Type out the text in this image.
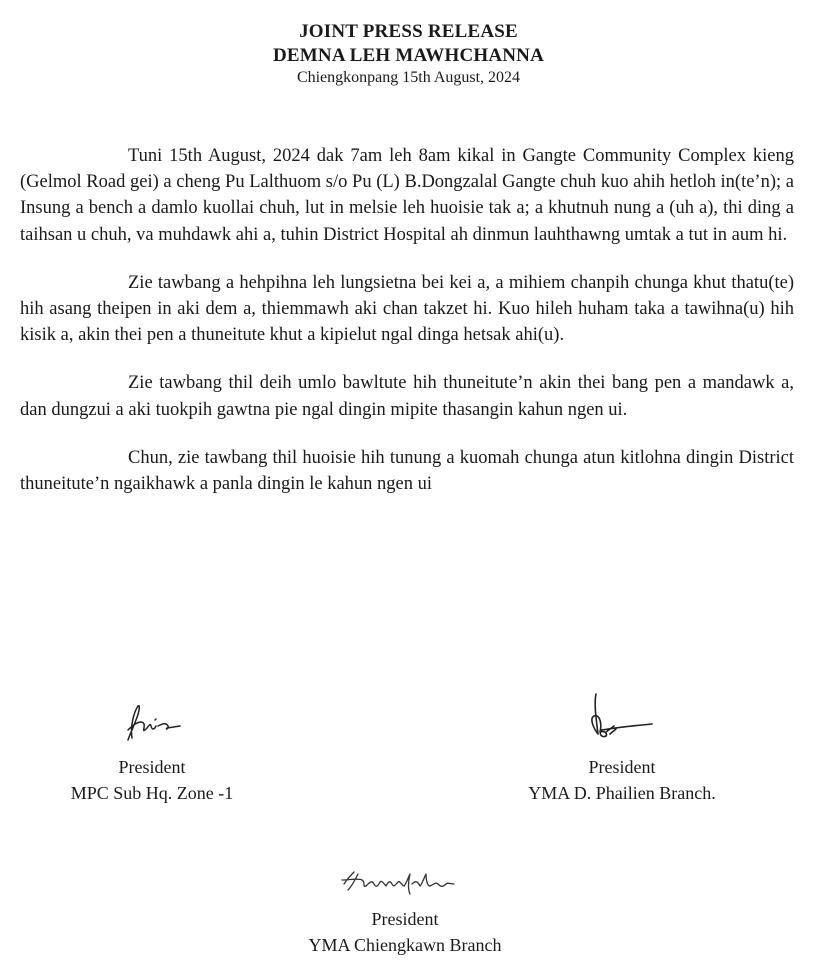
JOINT PRESS RELEASE
DEMNA LEH MAWHCHANNA
Chiengkonpang 15th August, 2024

Tuni 15th August, 2024 dak 7am leh 8am kikal in Gangte Community Complex kieng (Gelmol Road gei) a cheng Pu Lalthuom s/o Pu (L) B.Dongzalal Gangte chuh kuo ahih hetloh in(te’n); a Insung a bench a damlo kuollai chuh, lut in melsie leh huoisie tak a; a khutnuh nung a (uh a), thi ding a taihsan u chuh, va muhdawk ahi a, tuhin District Hospital ah dinmun lauhthawng umtak a tut in aum hi.

Zie tawbang a hehpihna leh lungsietna bei kei a, a mihiem chanpih chunga khut thatu(te) hih asang theipen in aki dem a, thiemmawh aki chan takzet hi. Kuo hileh huham taka a tawihna(u) hih kisik a, akin thei pen a thuneitute khut a kipielut ngal dinga hetsak ahi(u).

Zie tawbang thil deih umlo bawltute hih thuneitute’n akin thei bang pen a mandawk a, dan dungzui a aki tuokpih gawtna pie ngal dingin mipite thasangin kahun ngen ui.

Chun, zie tawbang thil huoisie hih tunung a kuomah chunga atun kitlohna dingin District thuneitute’n ngaikhawk a panla dingin le kahun ngen ui

President
MPC Sub Hq. Zone -1
President
YMA D. Phailien Branch.
President
YMA Chiengkawn Branch
